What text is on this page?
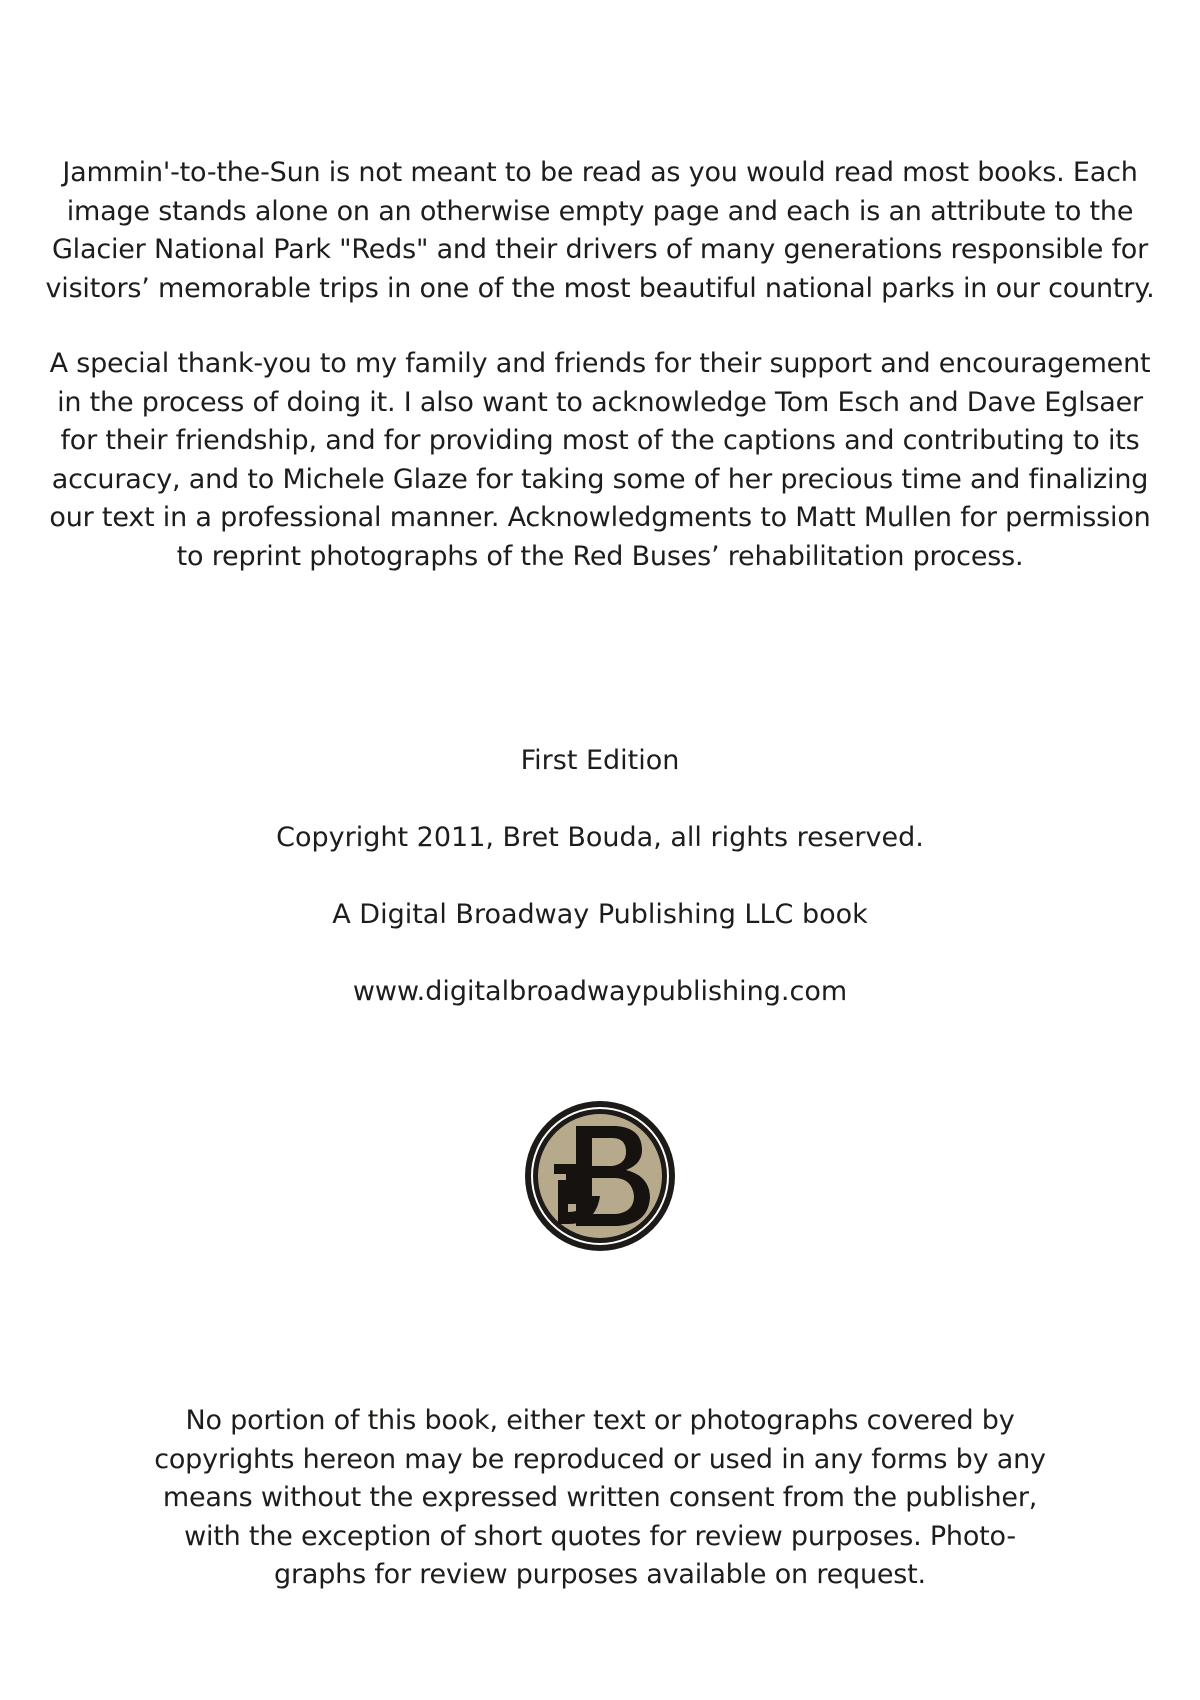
Jammin'-to-the-Sun is not meant to be read as you would read most books. Each

image stands alone on an otherwise empty page and each is an attribute to the

Glacier National Park "Reds" and their drivers of many generations responsible for

visitors’ memorable trips in one of the most beautiful national parks in our country.

A special thank-you to my family and friends for their support and encouragement

in the process of doing it. I also want to acknowledge Tom Esch and Dave Eglsaer

for their friendship, and for providing most of the captions and contributing to its

accuracy, and to Michele Glaze for taking some of her precious time and finalizing

our text in a professional manner. Acknowledgments to Matt Mullen for permission

to reprint photographs of the Red Buses’ rehabilitation process.

First Edition

Copyright 2011, Bret Bouda, all rights reserved.

A Digital Broadway Publishing LLC book

www.digitalbroadwaypublishing.com

No portion of this book, either text or photographs covered by

copyrights hereon may be reproduced or used in any forms by any

means without the expressed written consent from the publisher,

with the exception of short quotes for review purposes. Photo-

graphs for review purposes available on request.
